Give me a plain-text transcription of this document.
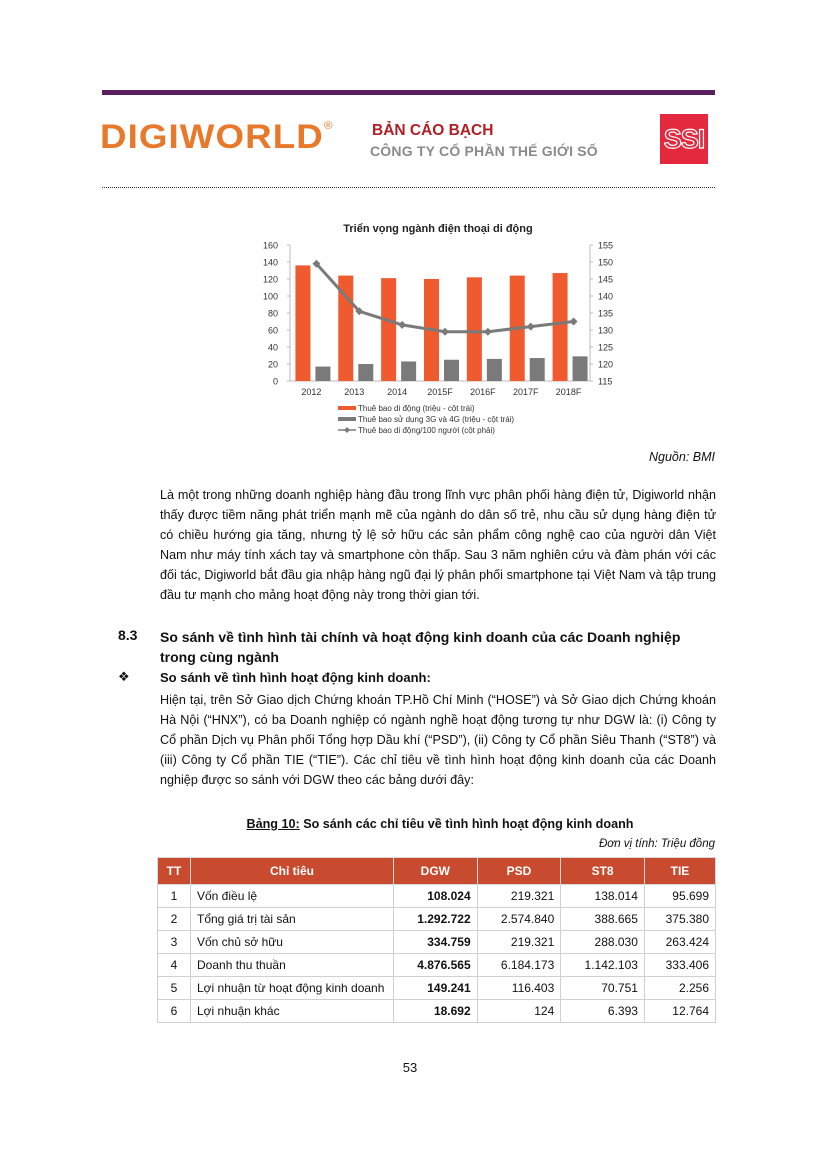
DIGIWORLD® BẢN CÁO BẠCH
CÔNG TY CỔ PHẦN THẾ GIỚI SỐ SSI
Triển vọng ngành điện thoại di động
0
20
40
60
80
100
120
140
160
115
120
125
130
135
140
145
150
155
2012	2013	2014 2015F 2016F 2017F 2018F
Thuê bao di động (triệu - cột trái)
Thuê bao sử dụng 3G và 4G (triệu - cột trái)
Thuê bao di động/100 người (cột phải)
Nguồn: BMI
Là một trong những doanh nghiệp hàng đầu trong lĩnh vực phân phối hàng điện tử, Digiworld nhận thấy được tiềm năng phát triển mạnh mẽ của ngành do dân số trẻ, nhu cầu sử dụng hàng điện tử có chiều hướng gia tăng, nhưng tỷ lệ sở hữu các sản phẩm công nghệ cao của người dân Việt Nam như máy tính xách tay và smartphone còn thấp. Sau 3 năm nghiên cứu và đàm phán với các đối tác, Digiworld bắt đầu gia nhập hàng ngũ đại lý phân phối smartphone tại Việt Nam và tập trung đầu tư mạnh cho mảng hoạt động này trong thời gian tới.
8.3 So sánh về tình hình tài chính và hoạt động kinh doanh của các Doanh nghiệp trong cùng ngành
❖ So sánh về tình hình hoạt động kinh doanh:
Hiện tại, trên Sở Giao dịch Chứng khoán TP.Hồ Chí Minh (“HOSE”) và Sở Giao dịch Chứng khoán Hà Nội (“HNX”), có ba Doanh nghiệp có ngành nghề hoạt động tương tự như DGW là: (i) Công ty Cổ phần Dịch vụ Phân phối Tổng hợp Dầu khí (“PSD”), (ii) Công ty Cổ phần Siêu Thanh (“ST8”) và (iii) Công ty Cổ phần TIE (“TIE”). Các chỉ tiêu về tình hình hoạt động kinh doanh của các Doanh nghiệp được so sánh với DGW theo các bảng dưới đây:
Bảng 10: So sánh các chỉ tiêu về tình hình hoạt động kinh doanh
Đơn vị tính: Triệu đồng
TT	Chỉ tiêu	DGW	PSD	ST8	TIE
1	Vốn điều lệ	108.024	219.321	138.014	95.699
2	Tổng giá trị tài sản	1.292.722	2.574.840	388.665	375.380
3	Vốn chủ sở hữu	334.759	219.321	288.030	263.424
4	Doanh thu thuần	4.876.565	6.184.173	1.142.103	333.406
5	Lợi nhuận từ hoạt động kinh doanh	149.241	116.403	70.751	2.256
6	Lợi nhuận khác	18.692	124	6.393	12.764
53
